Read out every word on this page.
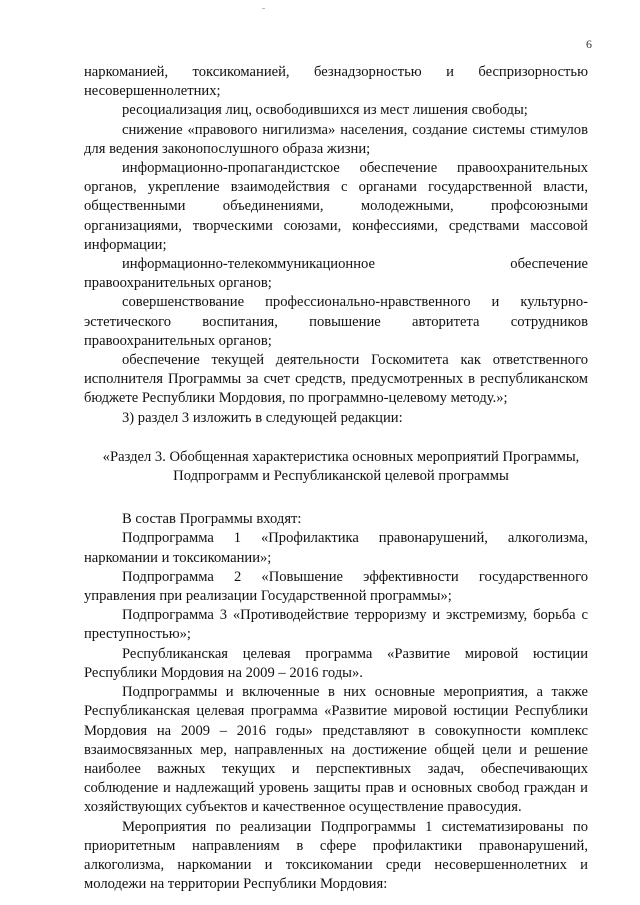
6

наркоманией, токсикоманией, безнадзорностью и беспризорностью несовершеннолетних;

ресоциализация лиц, освободившихся из мест лишения свободы;

снижение «правового нигилизма» населения, создание системы стимулов для ведения законопослушного образа жизни;

информационно-пропагандистское обеспечение правоохранительных органов, укрепление взаимодействия с органами государственной власти, общественными объединениями, молодежными, профсоюзными организациями, творческими союзами, конфессиями, средствами массовой информации;

информационно-телекоммуникационное обеспечение правоохранительных органов;

совершенствование профессионально-нравственного и культурно-эстетического воспитания, повышение авторитета сотрудников правоохранительных органов;

обеспечение текущей деятельности Госкомитета как ответственного исполнителя Программы за счет средств, предусмотренных в республиканском бюджете Республики Мордовия, по программно-целевому методу.»;

3) раздел 3 изложить в следующей редакции:

«Раздел 3. Обобщенная характеристика основных мероприятий Программы, Подпрограмм и Республиканской целевой программы

В состав Программы входят:

Подпрограмма 1 «Профилактика правонарушений, алкоголизма, наркомании и токсикомании»;

Подпрограмма 2 «Повышение эффективности государственного управления при реализации Государственной программы»;

Подпрограмма 3 «Противодействие терроризму и экстремизму, борьба с преступностью»;

Республиканская целевая программа «Развитие мировой юстиции Республики Мордовия на 2009 – 2016 годы».

Подпрограммы и включенные в них основные мероприятия, а также Республиканская целевая программа «Развитие мировой юстиции Республики Мордовия на 2009 – 2016 годы» представляют в совокупности комплекс взаимосвязанных мер, направленных на достижение общей цели и решение наиболее важных текущих и перспективных задач, обеспечивающих соблюдение и надлежащий уровень защиты прав и основных свобод граждан и хозяйствующих субъектов и качественное осуществление правосудия.

Мероприятия по реализации Подпрограммы 1 систематизированы по приоритетным направлениям в сфере профилактики правонарушений, алкоголизма, наркомании и токсикомании среди несовершеннолетних и молодежи на территории Республики Мордовия:
